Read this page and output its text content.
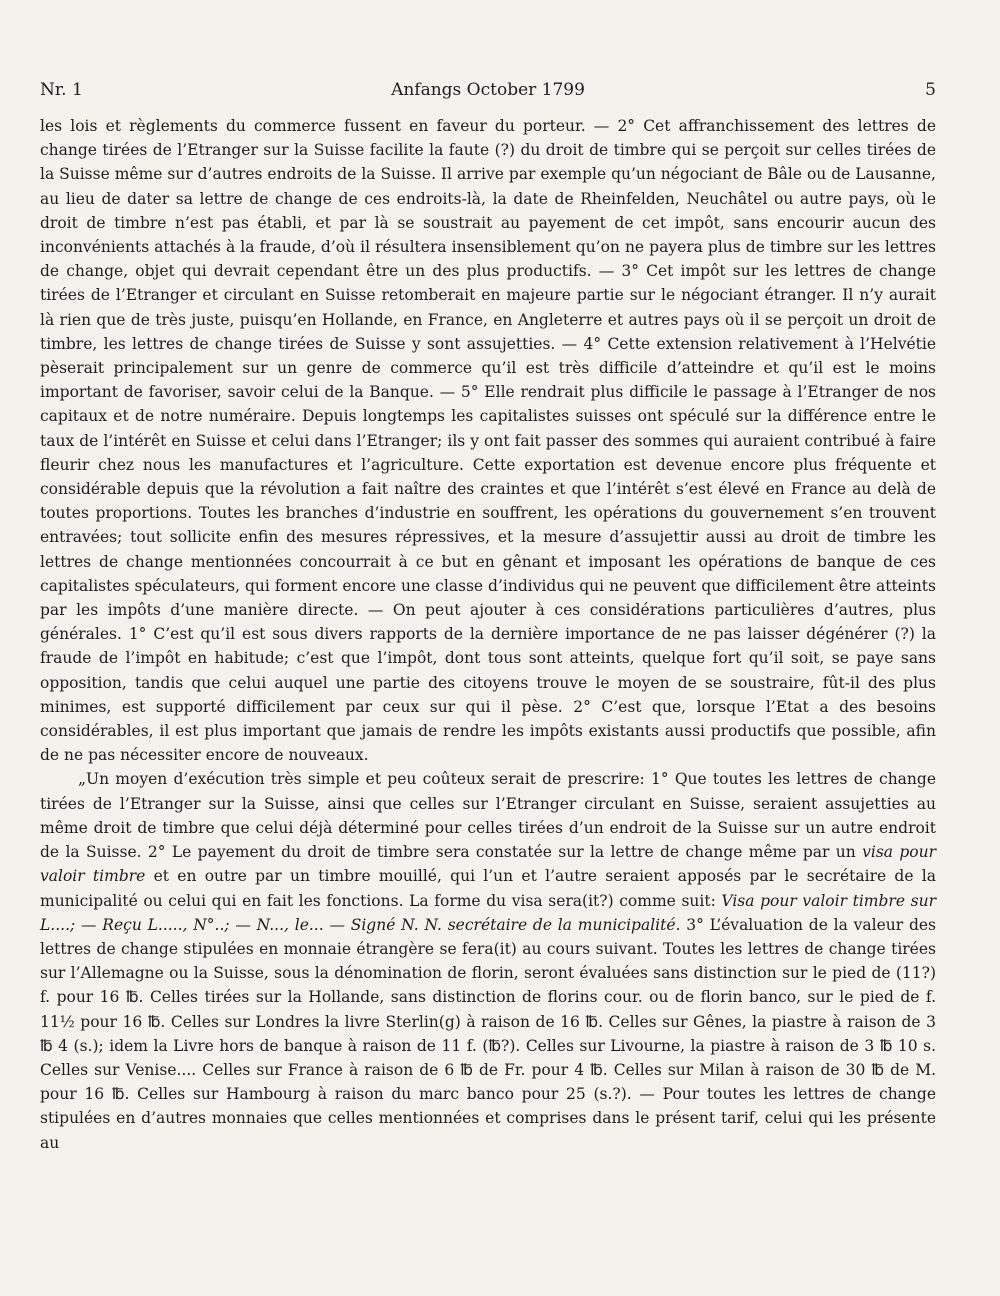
Nr. 1	Anfangs October 1799	5

les lois et règlements du commerce fussent en faveur du porteur. — 2° Cet affranchissement des lettres de change tirées de l’Etranger sur la Suisse facilite la faute (?) du droit de timbre qui se perçoit sur celles tirées de la Suisse même sur d’autres endroits de la Suisse. Il arrive par exemple qu’un négociant de Bâle ou de Lausanne, au lieu de dater sa lettre de change de ces endroits-là, la date de Rheinfelden, Neuchâtel ou autre pays, où le droit de timbre n’est pas établi, et par là se soustrait au payement de cet impôt, sans encourir aucun des inconvénients attachés à la fraude, d’où il résultera insensiblement qu’on ne payera plus de timbre sur les lettres de change, objet qui devrait cependant être un des plus productifs. — 3° Cet impôt sur les lettres de change tirées de l’Etranger et circulant en Suisse retomberait en majeure partie sur le négociant étranger. Il n’y aurait là rien que de très juste, puisqu’en Hollande, en France, en Angleterre et autres pays où il se perçoit un droit de timbre, les lettres de change tirées de Suisse y sont assujetties. — 4° Cette extension relativement à l’Helvétie pèserait principalement sur un genre de commerce qu’il est très difficile d’atteindre et qu’il est le moins important de favoriser, savoir celui de la Banque. — 5° Elle rendrait plus difficile le passage à l’Etranger de nos capitaux et de notre numéraire. Depuis longtemps les capitalistes suisses ont spéculé sur la différence entre le taux de l’intérêt en Suisse et celui dans l’Etranger; ils y ont fait passer des sommes qui auraient contribué à faire fleurir chez nous les manufactures et l’agriculture. Cette exportation est devenue encore plus fréquente et considérable depuis que la révolution a fait naître des craintes et que l’intérêt s’est élevé en France au delà de toutes proportions. Toutes les branches d’industrie en souffrent, les opérations du gouvernement s’en trouvent entravées; tout sollicite enfin des mesures répressives, et la mesure d’assujettir aussi au droit de timbre les lettres de change mentionnées concourrait à ce but en gênant et imposant les opérations de banque de ces capitalistes spéculateurs, qui forment encore une classe d’individus qui ne peuvent que difficilement être atteints par les impôts d’une manière directe. — On peut ajouter à ces considérations particulières d’autres, plus générales. 1° C’est qu’il est sous divers rapports de la dernière importance de ne pas laisser dégénérer (?) la fraude de l’impôt en habitude; c’est que l’impôt, dont tous sont atteints, quelque fort qu’il soit, se paye sans opposition, tandis que celui auquel une partie des citoyens trouve le moyen de se soustraire, fût-il des plus minimes, est supporté difficilement par ceux sur qui il pèse. 2° C’est que, lorsque l’Etat a des besoins considérables, il est plus important que jamais de rendre les impôts existants aussi productifs que possible, afin de ne pas nécessiter encore de nouveaux.

„Un moyen d’exécution très simple et peu coûteux serait de prescrire: 1° Que toutes les lettres de change tirées de l’Etranger sur la Suisse, ainsi que celles sur l’Etranger circulant en Suisse, seraient assujetties au même droit de timbre que celui déjà déterminé pour celles tirées d’un endroit de la Suisse sur un autre endroit de la Suisse. 2° Le payement du droit de timbre sera constatée sur la lettre de change même par un visa pour valoir timbre et en outre par un timbre mouillé, qui l’un et l’autre seraient apposés par le secrétaire de la municipalité ou celui qui en fait les fonctions. La forme du visa sera(it?) comme suit: Visa pour valoir timbre sur L....; — Reçu L....., N°..; — N..., le... — Signé N. N. secrétaire de la municipalité. 3° L’évaluation de la valeur des lettres de change stipulées en monnaie étrangère se fera(it) au cours suivant. Toutes les lettres de change tirées sur l’Allemagne ou la Suisse, sous la dénomination de florin, seront évaluées sans distinction sur le pied de (11?) f. pour 16 ℔. Celles tirées sur la Hollande, sans distinction de florins cour. ou de florin banco, sur le pied de f. 11½ pour 16 ℔. Celles sur Londres la livre Sterlin(g) à raison de 16 ℔. Celles sur Gênes, la piastre à raison de 3 ℔ 4 (s.); idem la Livre hors de banque à raison de 11 f. (℔?). Celles sur Livourne, la piastre à raison de 3 ℔ 10 s. Celles sur Venise.... Celles sur France à raison de 6 ℔ de Fr. pour 4 ℔. Celles sur Milan à raison de 30 ℔ de M. pour 16 ℔. Celles sur Hambourg à raison du marc banco pour 25 (s.?). — Pour toutes les lettres de change stipulées en d’autres monnaies que celles mentionnées et comprises dans le présent tarif, celui qui les présente au
